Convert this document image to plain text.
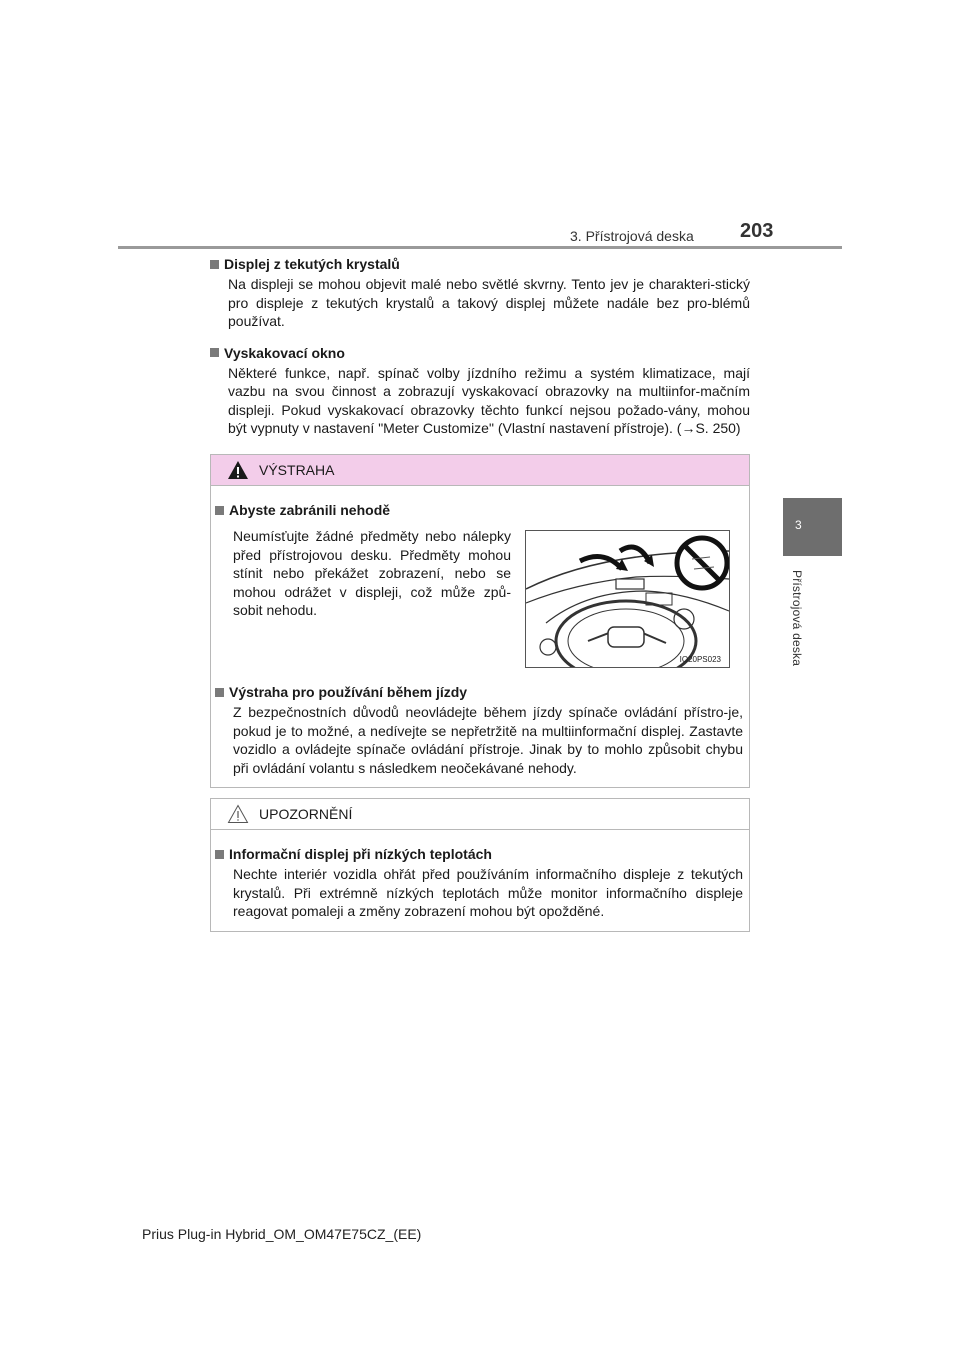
3. Přístrojová deska 203
3
Přístrojová deska
Displej z tekutých krystalů

Na displeji se mohou objevit malé nebo světlé skvrny. Tento jev je charakteri-stický pro displeje z tekutých krystalů a takový displej můžete nadále bez pro-blémů používat.

Vyskakovací okno

Některé funkce, např. spínač volby jízdního režimu a systém klimatizace, mají vazbu na svou činnost a zobrazují vyskakovací obrazovky na multiinfor-mačním displeji. Pokud vyskakovací obrazovky těchto funkcí nejsou požado-vány, mohou být vypnuty v nastavení "Meter Customize" (Vlastní nastavení přístroje). (→S. 250)

VÝSTRAHA
Abyste zabránili nehodě

Neumísťujte žádné předměty nebo nálepky před přístrojovou desku. Předměty mohou stínit nebo překážet zobrazení, nebo se mohou odrážet v displeji, což může způ-sobit nehodu.

IO20PS023
Výstraha pro používání během jízdy

Z bezpečnostních důvodů neovládejte během jízdy spínače ovládání přístro-je, pokud je to možné, a nedívejte se nepřetržitě na multiinformační displej. Zastavte vozidlo a ovládejte spínače ovládání přístroje. Jinak by to mohlo způsobit chybu při ovládání volantu s následkem neočekávané nehody.

UPOZORNĚNÍ
Informační displej při nízkých teplotách

Nechte interiér vozidla ohřát před používáním informačního displeje z tekutých krystalů. Při extrémně nízkých teplotách může monitor informačního displeje reagovat pomaleji a změny zobrazení mohou být opožděné.

Prius Plug-in Hybrid_OM_OM47E75CZ_(EE)
